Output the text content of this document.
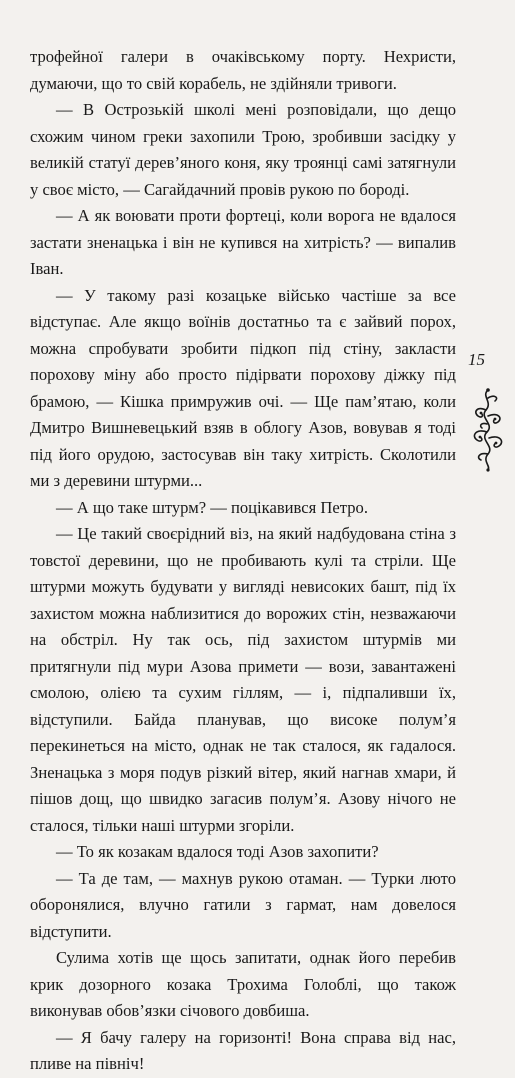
трофейної галери в очаківському порту. Нехристи, думаючи, що то свій корабель, не здійняли тривоги.

— В Острозькій школі мені розповідали, що дещо схожим чином греки захопили Трою, зробивши засідку у великій статуї дерев’яного коня, яку троянці самі затягнули у своє місто, — Сагайдачний провів рукою по бороді.

— А як воювати проти фортеці, коли ворога не вдалося застати зненацька і він не купився на хитрість? — випалив Іван.

— У такому разі козацьке військо частіше за все відступає. Але якщо воїнів достатньо та є зайвий порох, можна спробувати зробити підкоп під стіну, закласти порохову міну або просто підірвати порохову діжку під брамою, — Кішка примружив очі. — Ще пам’ятаю, коли Дмитро Вишневецький взяв в облогу Азов, вовував я тоді під його орудою, застосував він таку хитрість. Сколотили ми з деревини штурми...

— А що таке штурм? — поцікавився Петро.

— Це такий своєрідний віз, на який надбудована стіна з товстої деревини, що не пробивають кулі та стріли. Ще штурми можуть будувати у вигляді невисоких башт, під їх захистом можна наблизитися до ворожих стін, незважаючи на обстріл. Ну так ось, під захистом штурмів ми притягнули під мури Азова примети — вози, завантажені смолою, олією та сухим гіллям, — і, підпаливши їх, відступили. Байда планував, що високе полум’я перекинеться на місто, однак не так сталося, як гадалося. Зненацька з моря подув різкий вітер, який нагнав хмари, й пішов дощ, що швидко загасив полум’я. Азову нічого не сталося, тільки наші штурми згоріли.

— То як козакам вдалося тоді Азов захопити?

— Та де там, — махнув рукою отаман. — Турки люто оборонялися, влучно гатили з гармат, нам довелося відступити.

Сулима хотів ще щось запитати, однак його перебив крик дозорного козака Трохима Голоблі, що також виконував обов’язки січового довбиша.

— Я бачу галеру на горизонті! Вона справа від нас, пливе на північ!

15
